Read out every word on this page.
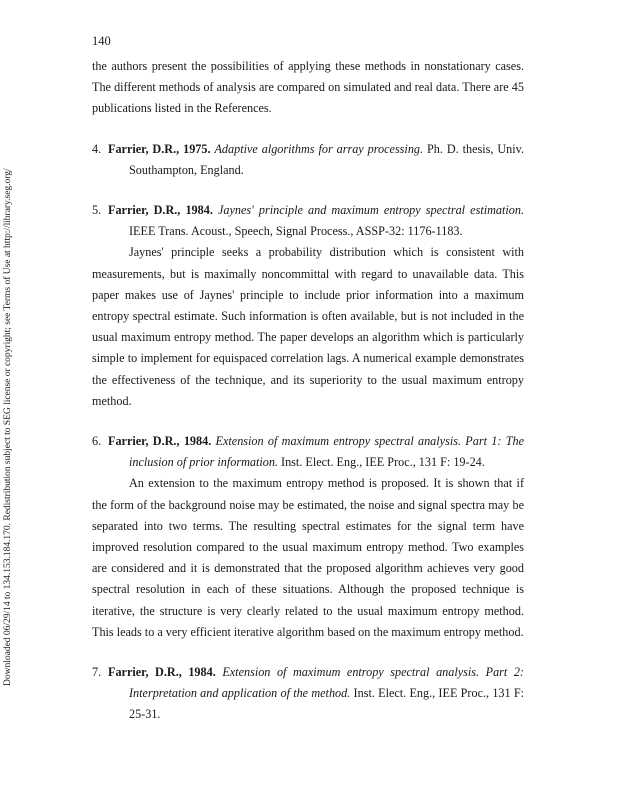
Downloaded 06/29/14 to 134.153.184.170. Redistribution subject to SEG license or copyright; see Terms of Use at http://library.seg.org/
140

the authors present the possibilities of applying these methods in nonstationary cases. The different methods of analysis are compared on simulated and real data. There are 45 publications listed in the References.

4. Farrier, D.R., 1975. Adaptive algorithms for array processing. Ph. D. thesis, Univ. Southampton, England.

5. Farrier, D.R., 1984. Jaynes' principle and maximum entropy spectral estimation. IEEE Trans. Acoust., Speech, Signal Process., ASSP-32: 1176-1183.

Jaynes' principle seeks a probability distribution which is consistent with measurements, but is maximally noncommittal with regard to unavailable data. This paper makes use of Jaynes' principle to include prior information into a maximum entropy spectral estimate. Such information is often available, but is not included in the usual maximum entropy method. The paper develops an algorithm which is particularly simple to implement for equispaced correlation lags. A numerical example demonstrates the effectiveness of the technique, and its superiority to the usual maximum entropy method.

6. Farrier, D.R., 1984. Extension of maximum entropy spectral analysis. Part 1: The inclusion of prior information. Inst. Elect. Eng., IEE Proc., 131 F: 19-24.

An extension to the maximum entropy method is proposed. It is shown that if the form of the background noise may be estimated, the noise and signal spectra may be separated into two terms. The resulting spectral estimates for the signal term have improved resolution compared to the usual maximum entropy method. Two examples are considered and it is demonstrated that the proposed algorithm achieves very good spectral resolution in each of these situations. Although the proposed technique is iterative, the structure is very clearly related to the usual maximum entropy method. This leads to a very efficient iterative algorithm based on the maximum entropy method.

7. Farrier, D.R., 1984. Extension of maximum entropy spectral analysis. Part 2: Interpretation and application of the method. Inst. Elect. Eng., IEE Proc., 131 F: 25-31.
